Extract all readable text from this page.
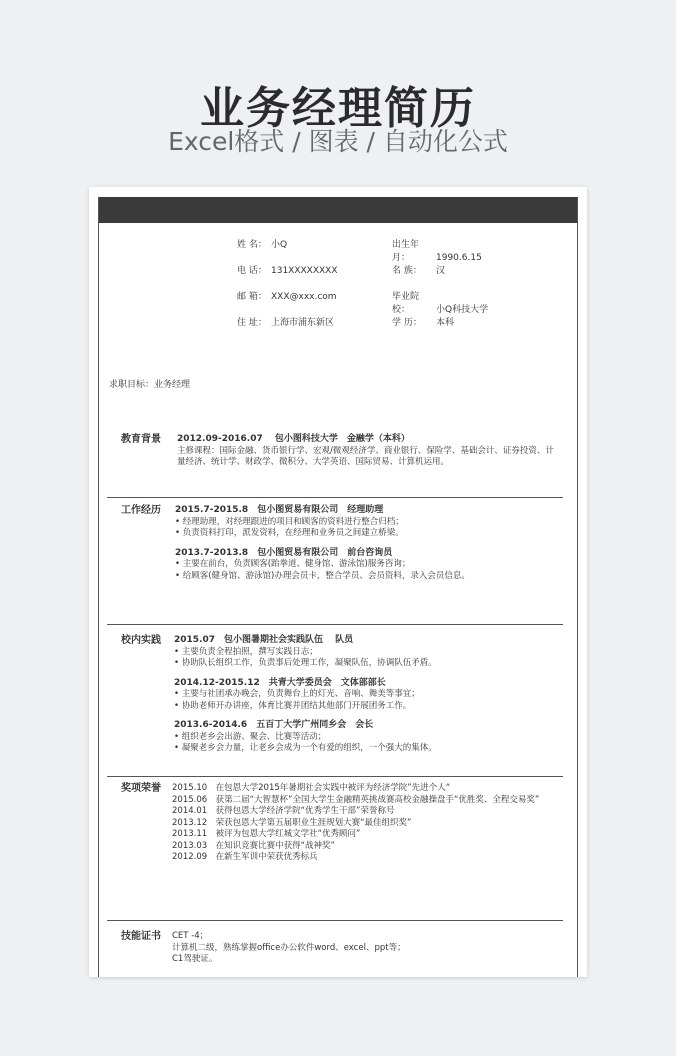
业务经理简历
Excel格式 / 图表 / 自动化公式
姓 名： 小Q	出生年月：	1990.6.15
电 话： 131XXXXXXXX	名 族： 汉
邮 箱： XXX@xxx.com	毕业院校：	小Q科技大学
住 址： 上海市浦东新区	学 历： 本科
求职目标：业务经理
教育背景 2012.09-2016.07　 包小图科技大学　金融学（本科）
主修课程：国际金融、货币银行学、宏观/微观经济学、商业银行、保险学、基础会计、证券投资、计量经济、统计学、财政学、微积分、大学英语、国际贸易、计算机运用。
工作经历 2015.7-2015.8　包小图贸易有限公司　经理助理
• 经理助理，对经理跟进的项目和顾客的资料进行整合归档；
• 负责资料打印，派发资料，在经理和业务员之间建立桥梁。
2013.7-2013.8　包小图贸易有限公司　前台咨询员
• 主要在前台，负责顾客(跆拳道、健身馆、游泳馆)服务咨询；
• 给顾客(健身馆、游泳馆)办理会员卡，整合学员、会员资料，录入会员信息。
校内实践 2015.07　包小图暑期社会实践队伍　 队员
• 主要负责全程拍照，撰写实践日志；
• 协助队长组织工作，负责事后处理工作，凝聚队伍，协调队伍矛盾。
2014.12-2015.12　共青大学委员会　文体部部长
• 主要与社团承办晚会，负责舞台上的灯光、音响、舞美等事宜；
• 协助老师开办讲座，体育比赛并团结其他部门开展团务工作。
2013.6-2014.6　五百丁大学广州同乡会　会长
• 组织老乡会出游、聚会、比赛等活动；
• 凝聚老乡会力量，让老乡会成为一个有爱的组织，一个强大的集体。
奖项荣誉 2015.10　在包恩大学2015年暑期社会实践中被评为经济学院”先进个人“
2015.06　获第二届“大智慧杯”全国大学生金融精英挑战赛高校金融操盘手“优胜奖、全程交易奖”
2014.01　获得包恩大学经济学院“优秀学生干部”荣誉称号
2013.12　荣获包恩大学第五届职业生涯规划大赛“最佳组织奖”
2013.11　被评为包恩大学红城文学社“优秀顾问”
2013.03　在知识竞赛比赛中获得“战神奖”
2012.09　在新生军训中荣获优秀标兵
技能证书 CET -4；
计算机二级，熟练掌握office办公软件word、excel、ppt等；
C1驾驶证。
